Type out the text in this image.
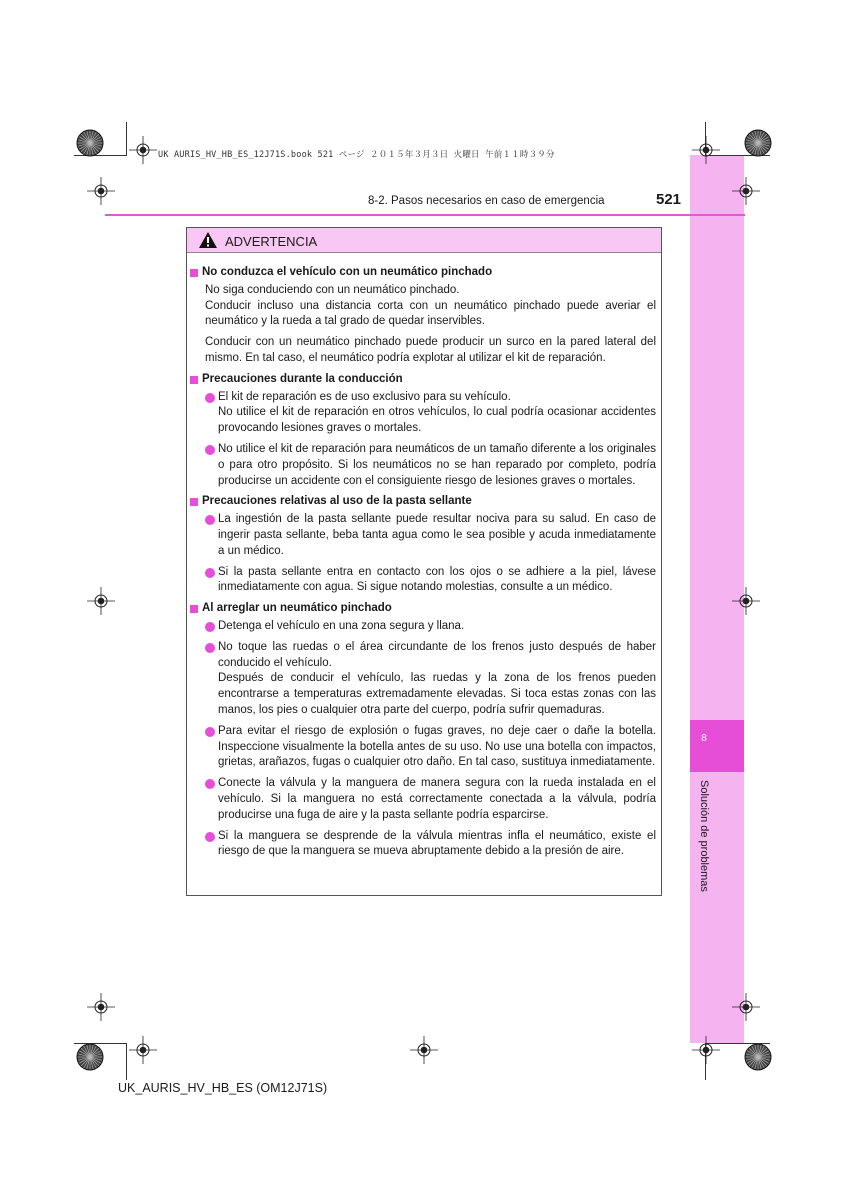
8
Solución de problemas
UK AURIS_HV_HB_ES_12J71S.book 521 ページ ２０１５年３月３日 火曜日 午前１１時３９分
8-2. Pasos necesarios en caso de emergencia	521
ADVERTENCIA
No conduzca el vehículo con un neumático pinchado
No siga conduciendo con un neumático pinchado.
Conducir incluso una distancia corta con un neumático pinchado puede averiar el neumático y la rueda a tal grado de quedar inservibles.
Conducir con un neumático pinchado puede producir un surco en la pared lateral del mismo. En tal caso, el neumático podría explotar al utilizar el kit de reparación.
Precauciones durante la conducción
El kit de reparación es de uso exclusivo para su vehículo.
No utilice el kit de reparación en otros vehículos, lo cual podría ocasionar accidentes provocando lesiones graves o mortales.
No utilice el kit de reparación para neumáticos de un tamaño diferente a los originales o para otro propósito. Si los neumáticos no se han reparado por completo, podría producirse un accidente con el consiguiente riesgo de lesiones graves o mortales.
Precauciones relativas al uso de la pasta sellante
La ingestión de la pasta sellante puede resultar nociva para su salud. En caso de ingerir pasta sellante, beba tanta agua como le sea posible y acuda inmediatamente a un médico.
Si la pasta sellante entra en contacto con los ojos o se adhiere a la piel, lávese inmediatamente con agua. Si sigue notando molestias, consulte a un médico.
Al arreglar un neumático pinchado
Detenga el vehículo en una zona segura y llana.
No toque las ruedas o el área circundante de los frenos justo después de haber conducido el vehículo.
Después de conducir el vehículo, las ruedas y la zona de los frenos pueden encontrarse a temperaturas extremadamente elevadas. Si toca estas zonas con las manos, los pies o cualquier otra parte del cuerpo, podría sufrir quemaduras.
Para evitar el riesgo de explosión o fugas graves, no deje caer o dañe la botella. Inspeccione visualmente la botella antes de su uso. No use una botella con impactos, grietas, arañazos, fugas o cualquier otro daño. En tal caso, sustituya inmediatamente.
Conecte la válvula y la manguera de manera segura con la rueda instalada en el vehículo. Si la manguera no está correctamente conectada a la válvula, podría producirse una fuga de aire y la pasta sellante podría esparcirse.
Si la manguera se desprende de la válvula mientras infla el neumático, existe el riesgo de que la manguera se mueva abruptamente debido a la presión de aire.
UK_AURIS_HV_HB_ES (OM12J71S)
